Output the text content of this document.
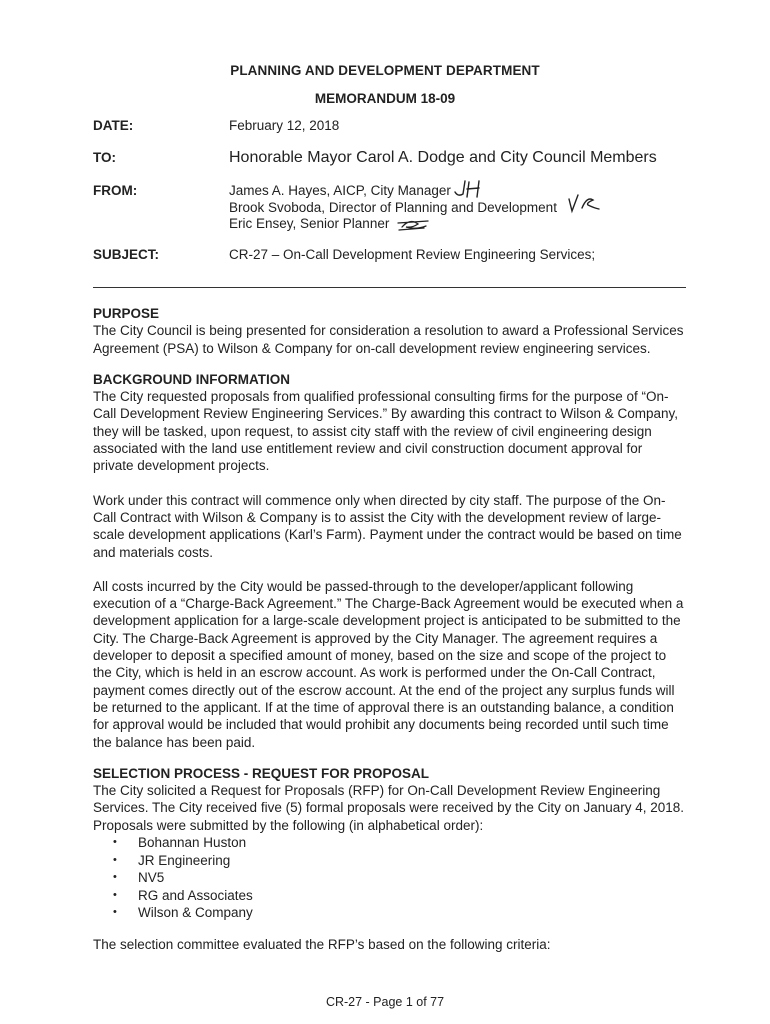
PLANNING AND DEVELOPMENT DEPARTMENT
MEMORANDUM 18-09
DATE:	February 12, 2018
TO:	Honorable Mayor Carol A. Dodge and City Council Members
FROM:	James A. Hayes, AICP, City Manager
Brook Svoboda, Director of Planning and Development
Eric Ensey, Senior Planner
SUBJECT:	CR-27 – On-Call Development Review Engineering Services;

PURPOSE

The City Council is being presented for consideration a resolution to award a Professional Services Agreement (PSA) to Wilson & Company for on-call development review engineering services.

BACKGROUND INFORMATION

The City requested proposals from qualified professional consulting firms for the purpose of “On-Call Development Review Engineering Services.” By awarding this contract to Wilson & Company, they will be tasked, upon request, to assist city staff with the review of civil engineering design associated with the land use entitlement review and civil construction document approval for private development projects.

Work under this contract will commence only when directed by city staff. The purpose of the On-Call Contract with Wilson & Company is to assist the City with the development review of large-scale development applications (Karl’s Farm). Payment under the contract would be based on time and materials costs.

All costs incurred by the City would be passed-through to the developer/applicant following execution of a “Charge-Back Agreement.” The Charge-Back Agreement would be executed when a development application for a large-scale development project is anticipated to be submitted to the City. The Charge-Back Agreement is approved by the City Manager. The agreement requires a developer to deposit a specified amount of money, based on the size and scope of the project to the City, which is held in an escrow account. As work is performed under the On-Call Contract, payment comes directly out of the escrow account. At the end of the project any surplus funds will be returned to the applicant. If at the time of approval there is an outstanding balance, a condition for approval would be included that would prohibit any documents being recorded until such time the balance has been paid.

SELECTION PROCESS - REQUEST FOR PROPOSAL

The City solicited a Request for Proposals (RFP) for On-Call Development Review Engineering Services. The City received five (5) formal proposals were received by the City on January 4, 2018. Proposals were submitted by the following (in alphabetical order):

• Bohannan Huston
• JR Engineering
• NV5
• RG and Associates
• Wilson & Company

The selection committee evaluated the RFP’s based on the following criteria:

CR-27 - Page 1 of 77
